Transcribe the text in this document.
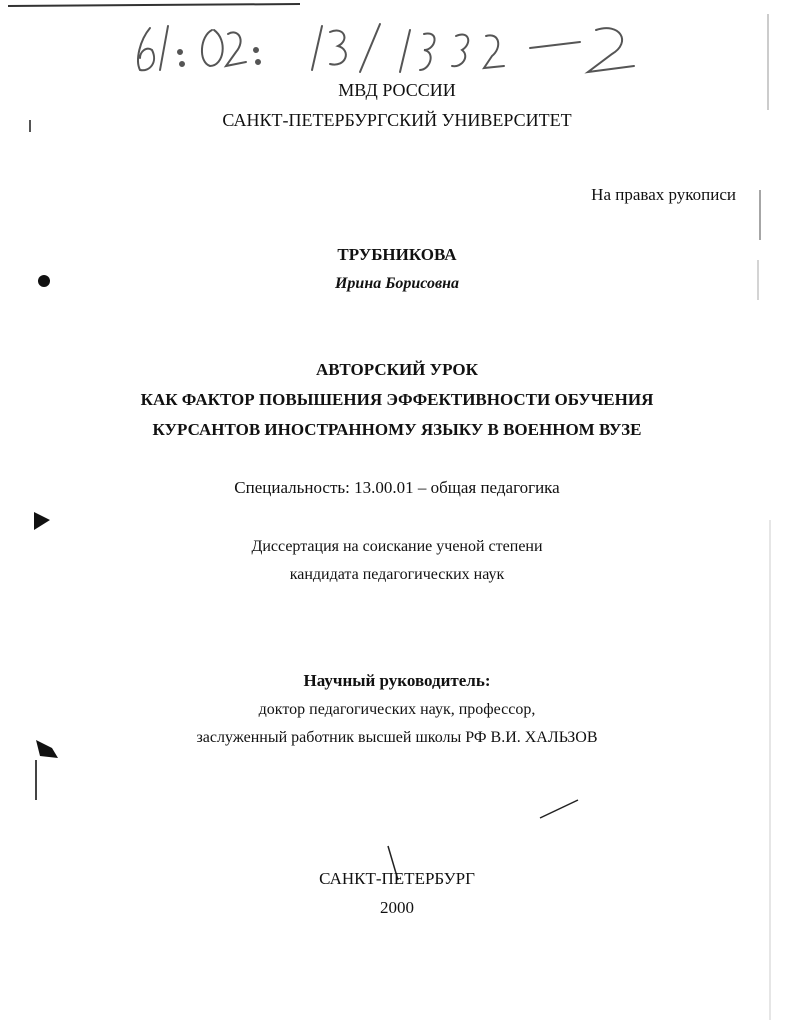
МВД РОССИИ
САНКТ-ПЕТЕРБУРГСКИЙ УНИВЕРСИТЕТ
На правах рукописи
ТРУБНИКОВА
Ирина Борисовна
АВТОРСКИЙ УРОК
КАК ФАКТОР ПОВЫШЕНИЯ ЭФФЕКТИВНОСТИ ОБУЧЕНИЯ
КУРСАНТОВ ИНОСТРАННОМУ ЯЗЫКУ В ВОЕННОМ ВУЗЕ
Специальность: 13.00.01 – общая педагогика
Диссертация на соискание ученой степени
кандидата педагогических наук
Научный руководитель:
доктор педагогических наук, профессор,
заслуженный работник высшей школы РФ В.И. ХАЛЬЗОВ
САНКТ-ПЕТЕРБУРГ
2000
